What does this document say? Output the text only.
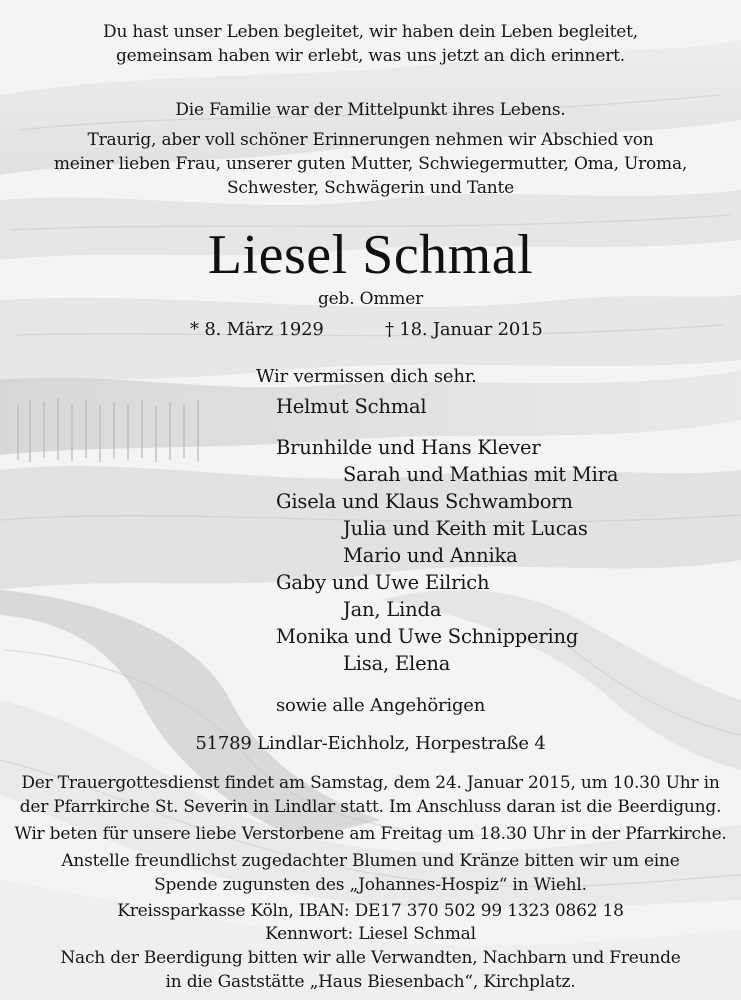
Du hast unser Leben begleitet, wir haben dein Leben begleitet,
gemeinsam haben wir erlebt, was uns jetzt an dich erinnert.
Die Familie war der Mittelpunkt ihres Lebens.
Traurig, aber voll schöner Erinnerungen nehmen wir Abschied von
meiner lieben Frau, unserer guten Mutter, Schwiegermutter, Oma, Uroma,
Schwester, Schwägerin und Tante
Liesel Schmal
geb. Ommer
* 8. März 1929	† 18. Januar 2015
Wir vermissen dich sehr.
Helmut Schmal
Brunhilde und Hans Klever
Sarah und Mathias mit Mira
Gisela und Klaus Schwamborn
Julia und Keith mit Lucas
Mario und Annika
Gaby und Uwe Eilrich
Jan, Linda
Monika und Uwe Schnippering
Lisa, Elena
sowie alle Angehörigen
51789 Lindlar-Eichholz, Horpestraße 4
Der Trauergottesdienst findet am Samstag, dem 24. Januar 2015, um 10.30 Uhr in
der Pfarrkirche St. Severin in Lindlar statt. Im Anschluss daran ist die Beerdigung.
Wir beten für unsere liebe Verstorbene am Freitag um 18.30 Uhr in der Pfarrkirche.
Anstelle freundlichst zugedachter Blumen und Kränze bitten wir um eine
Spende zugunsten des „Johannes-Hospiz“ in Wiehl.
Kreissparkasse Köln, IBAN: DE17 370 502 99 1323 0862 18
Kennwort: Liesel Schmal
Nach der Beerdigung bitten wir alle Verwandten, Nachbarn und Freunde
in die Gaststätte „Haus Biesenbach“, Kirchplatz.
